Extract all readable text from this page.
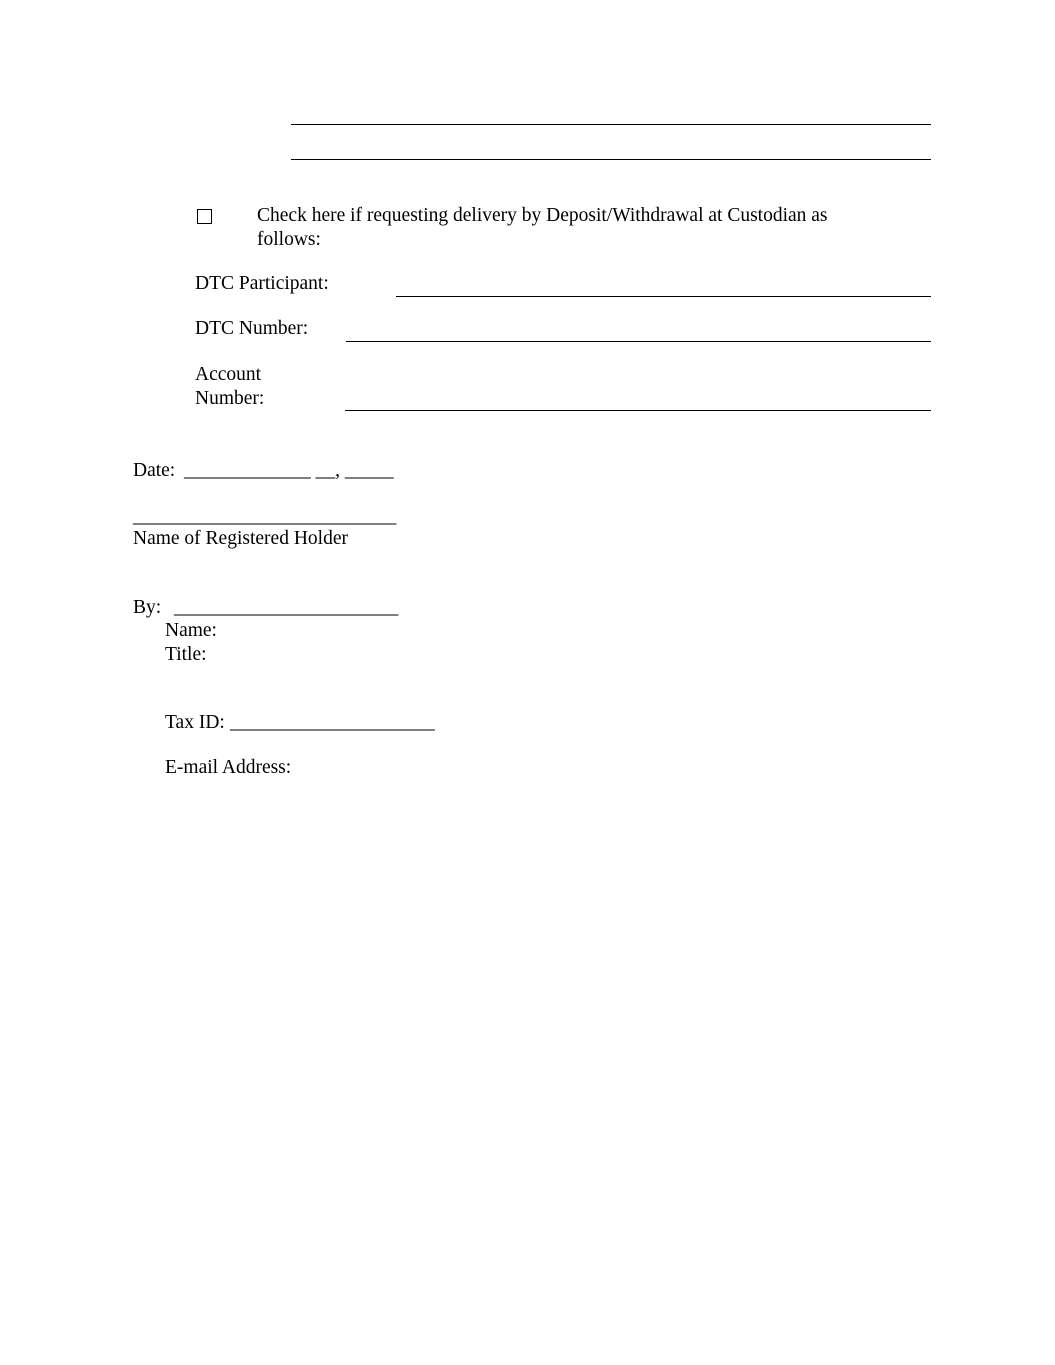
Check here if requesting delivery by Deposit/Withdrawal at Custodian as
follows:
DTC Participant:
DTC Number:
Account
Number:
Date: _____________ __, _____
___________________________
Name of Registered Holder
By: _______________________
Name:
Title:
Tax ID: _____________________
E-mail Address:
